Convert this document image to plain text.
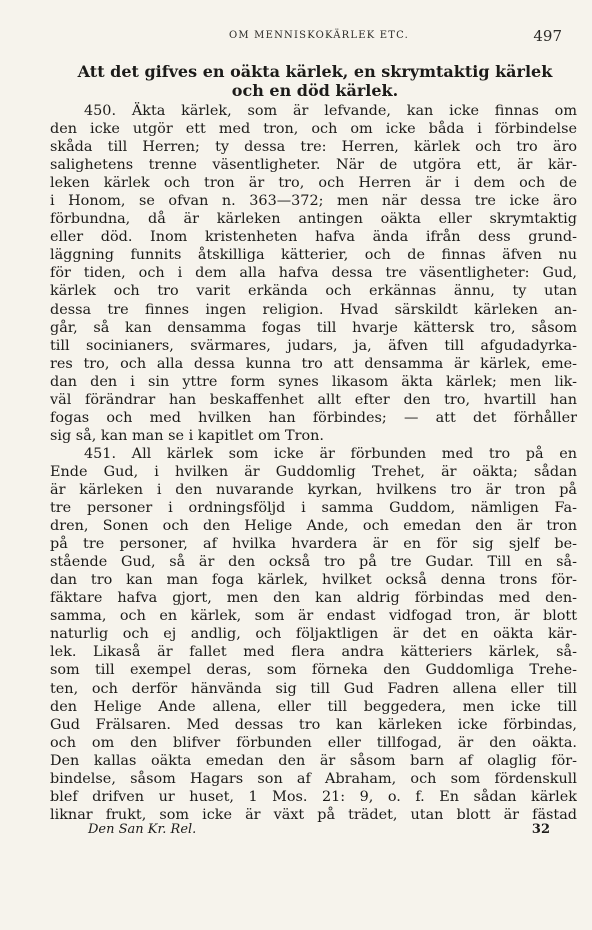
OM MENNISKOKÄRLEK ETC.	497
Att det gifves en oäkta kärlek, en skrymtaktig kärlek
och en död kärlek.

450. Äkta kärlek, som är lefvande, kan icke finnas om
den icke utgör ett med tron, och om icke båda i förbindelse
skåda till Herren; ty dessa tre: Herren, kärlek och tro äro
salighetens trenne väsentligheter. När de utgöra ett, är kär-
leken kärlek och tron är tro, och Herren är i dem och de
i Honom, se ofvan n. 363—372; men när dessa tre icke äro
förbundna, då är kärleken antingen oäkta eller skrymtaktig
eller död. Inom kristenheten hafva ända ifrån dess grund-
läggning funnits åtskilliga kätterier, och de finnas äfven nu
för tiden, och i dem alla hafva dessa tre väsentligheter: Gud,
kärlek och tro varit erkända och erkännas ännu, ty utan
dessa tre finnes ingen religion. Hvad särskildt kärleken an-
går, så kan densamma fogas till hvarje kättersk tro, såsom
till socinianers, svärmares, judars, ja, äfven till afgudadyrka-
res tro, och alla dessa kunna tro att densamma är kärlek, eme-
dan den i sin yttre form synes likasom äkta kärlek; men lik-
väl förändrar han beskaffenhet allt efter den tro, hvartill han
fogas och med hvilken han förbindes; — att det förhåller
sig så, kan man se i kapitlet om Tron.

451. All kärlek som icke är förbunden med tro på en
Ende Gud, i hvilken är Guddomlig Trehet, är oäkta; sådan
är kärleken i den nuvarande kyrkan, hvilkens tro är tron på
tre personer i ordningsföljd i samma Guddom, nämligen Fa-
dren, Sonen och den Helige Ande, och emedan den är tron
på tre personer, af hvilka hvardera är en för sig sjelf be-
stående Gud, så är den också tro på tre Gudar. Till en så-
dan tro kan man foga kärlek, hvilket också denna trons för-
fäktare hafva gjort, men den kan aldrig förbindas med den-
samma, och en kärlek, som är endast vidfogad tron, är blott
naturlig och ej andlig, och följaktligen är det en oäkta kär-
lek. Likaså är fallet med flera andra kätteriers kärlek, så-
som till exempel deras, som förneka den Guddomliga Trehe-
ten, och derför hänvända sig till Gud Fadren allena eller till
den Helige Ande allena, eller till beggedera, men icke till
Gud Frälsaren. Med dessas tro kan kärleken icke förbindas,
och om den blifver förbunden eller tillfogad, är den oäkta.
Den kallas oäkta emedan den är såsom barn af olaglig för-
bindelse, såsom Hagars son af Abraham, och som fördenskull
blef drifven ur huset, 1 Mos. 21: 9, o. f. En sådan kärlek
liknar frukt, som icke är växt på trädet, utan blott är fästad

Den San Kr. Rel.	32
